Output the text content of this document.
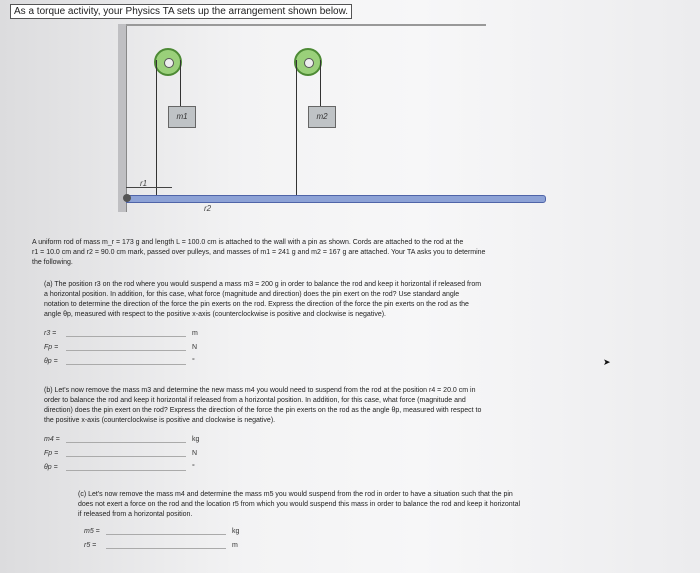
As a torque activity, your Physics TA sets up the arrangement shown below.
m1	m2
r1
r2
A uniform rod of mass m_r = 173 g and length L = 100.0 cm is attached to the wall with a pin as shown. Cords are attached to the rod at the
r1 = 10.0 cm and r2 = 90.0 cm mark, passed over pulleys, and masses of m1 = 241 g and m2 = 167 g are attached. Your TA asks you to determine
the following.
(a) The position r3 on the rod where you would suspend a mass m3 = 200 g in order to balance the rod and keep it horizontal if released from
a horizontal position. In addition, for this case, what force (magnitude and direction) does the pin exert on the rod? Use standard angle
notation to determine the direction of the force the pin exerts on the rod. Express the direction of the force the pin exerts on the rod as the
angle θp, measured with respect to the positive x-axis (counterclockwise is positive and clockwise is negative).
r3 =	m
Fp =	N
θp =	°	➤
(b) Let's now remove the mass m3 and determine the new mass m4 you would need to suspend from the rod at the position r4 = 20.0 cm in
order to balance the rod and keep it horizontal if released from a horizontal position. In addition, for this case, what force (magnitude and
direction) does the pin exert on the rod? Express the direction of the force the pin exerts on the rod as the angle θp, measured with respect to
the positive x-axis (counterclockwise is positive and clockwise is negative).
m4 =	kg
Fp =	N
θp =	°
(c) Let's now remove the mass m4 and determine the mass m5 you would suspend from the rod in order to have a situation such that the pin
does not exert a force on the rod and the location r5 from which you would suspend this mass in order to balance the rod and keep it horizontal
if released from a horizontal position.
m5 =	kg
r5 =	m
